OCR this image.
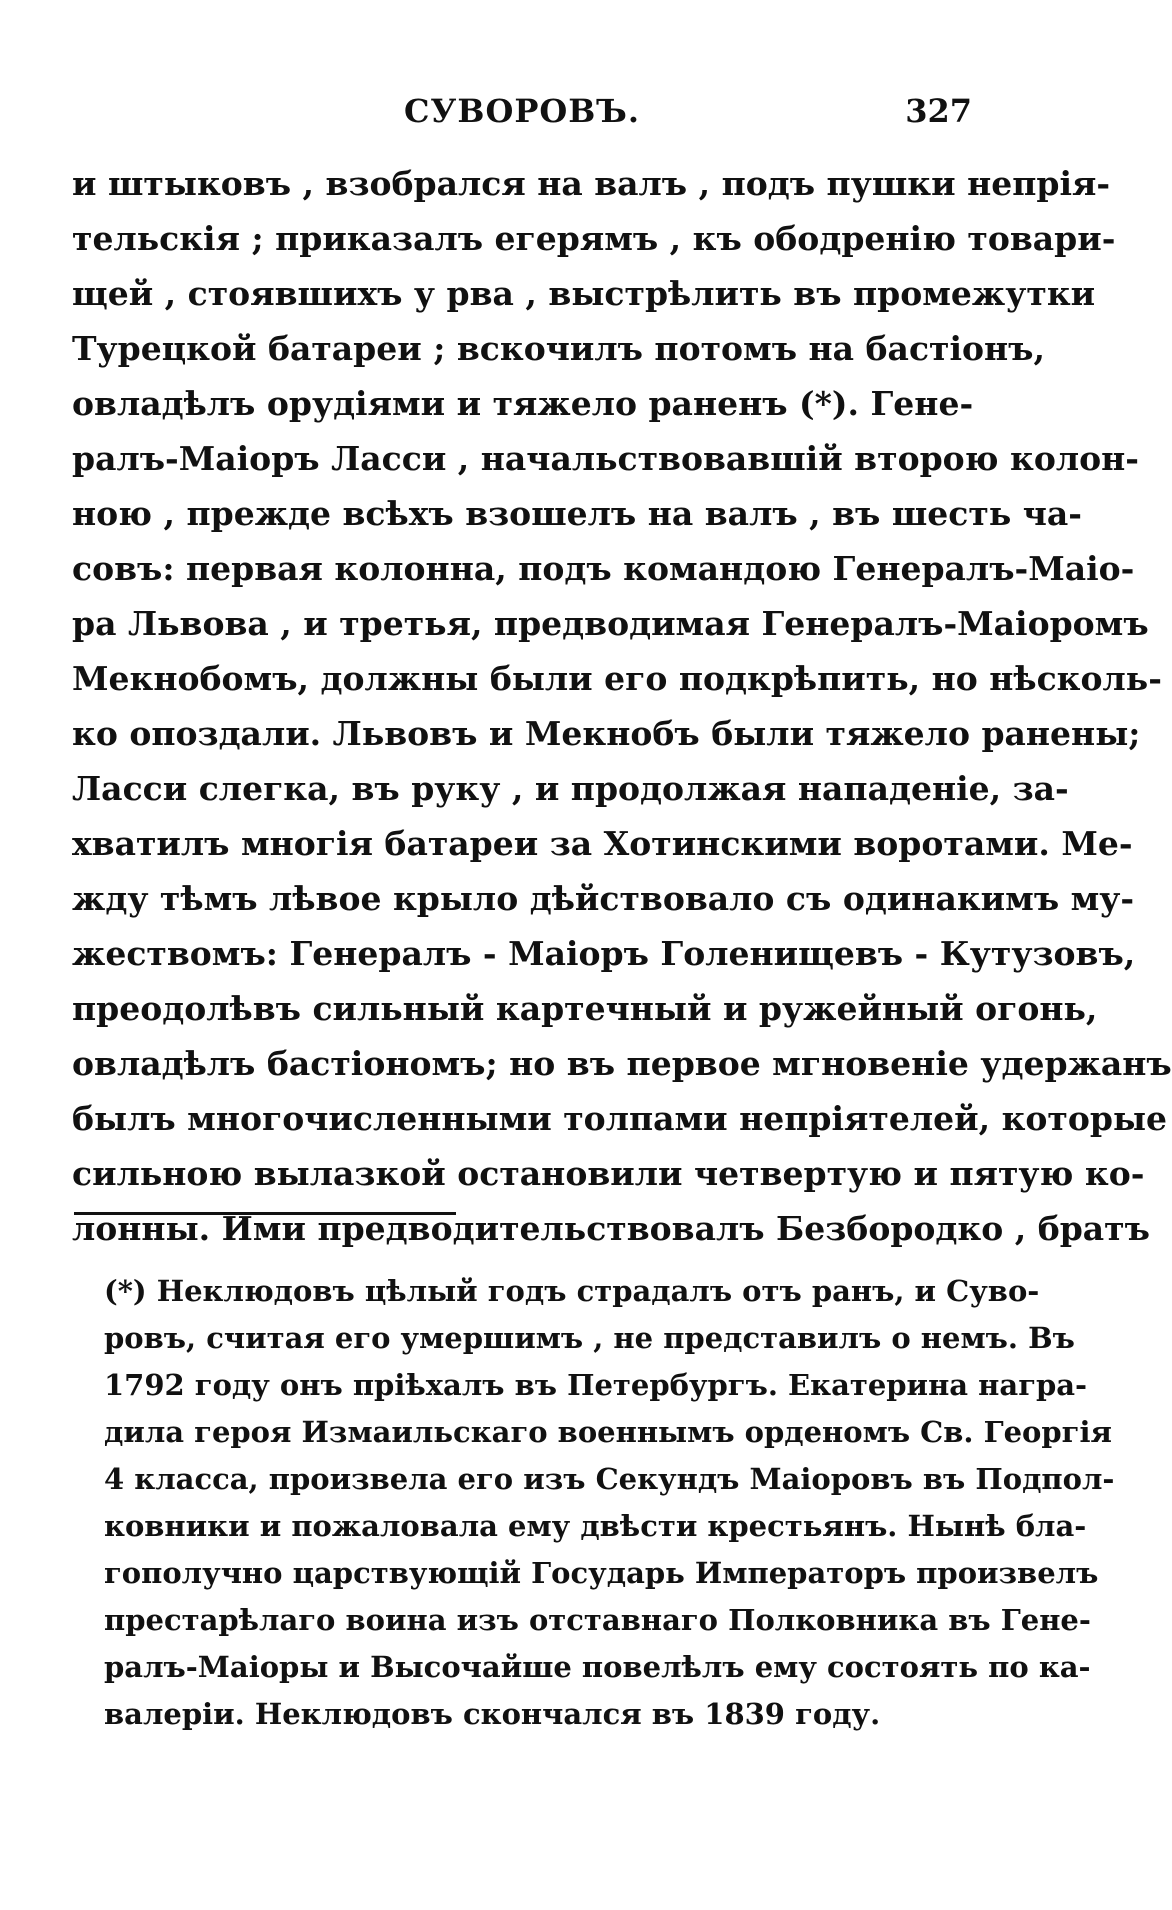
СУВОРОВЪ.	327
и штыковъ , взобрался на валъ , подъ пушки непрія-
тельскія ; приказалъ егерямъ , къ ободренію товари-
щей , стоявшихъ у рва , выстрѣлить въ промежутки
Турецкой батареи ; вскочилъ потомъ на бастіонъ,
овладѣлъ орудіями и тяжело раненъ (*). Гене-
ралъ-Маіоръ Ласси , начальствовавшій второю колон-
ною , прежде всѣхъ взошелъ на валъ , въ шесть ча-
совъ: первая колонна, подъ командою Генералъ-Маіо-
ра Львова , и третья, предводимая Генералъ-Маіоромъ
Мекнобомъ, должны были его подкрѣпить, но нѣсколь-
ко опоздали. Львовъ и Мекнобъ были тяжело ранены;
Ласси слегка, въ руку , и продолжая нападеніе, за-
хватилъ многія батареи за Хотинскими воротами. Ме-
жду тѣмъ лѣвое крыло дѣйствовало съ одинакимъ му-
жествомъ: Генералъ - Маіоръ Голенищевъ - Кутузовъ,
преодолѣвъ сильный картечный и ружейный огонь,
овладѣлъ бастіономъ; но въ первое мгновеніе удержанъ
былъ многочисленными толпами непріятелей, которые
сильною вылазкой остановили четвертую и пятую ко-
лонны. Ими предводительствовалъ Безбородко , братъ
(*) Неклюдовъ цѣлый годъ страдалъ отъ ранъ, и Суво-
ровъ, считая его умершимъ , не представилъ о немъ. Въ
1792 году онъ пріѣхалъ въ Петербургъ. Екатерина награ-
дила героя Измаильскаго военнымъ орденомъ Св. Георгія
4 класса, произвела его изъ Секундъ Маіоровъ въ Подпол-
ковники и пожаловала ему двѣсти крестьянъ. Нынѣ бла-
гополучно царствующій Государь Императоръ произвелъ
престарѣлаго воина изъ отставнаго Полковника въ Гене-
ралъ-Маіоры и Высочайше повелѣлъ ему состоять по ка-
валеріи. Неклюдовъ скончался въ 1839 году.
